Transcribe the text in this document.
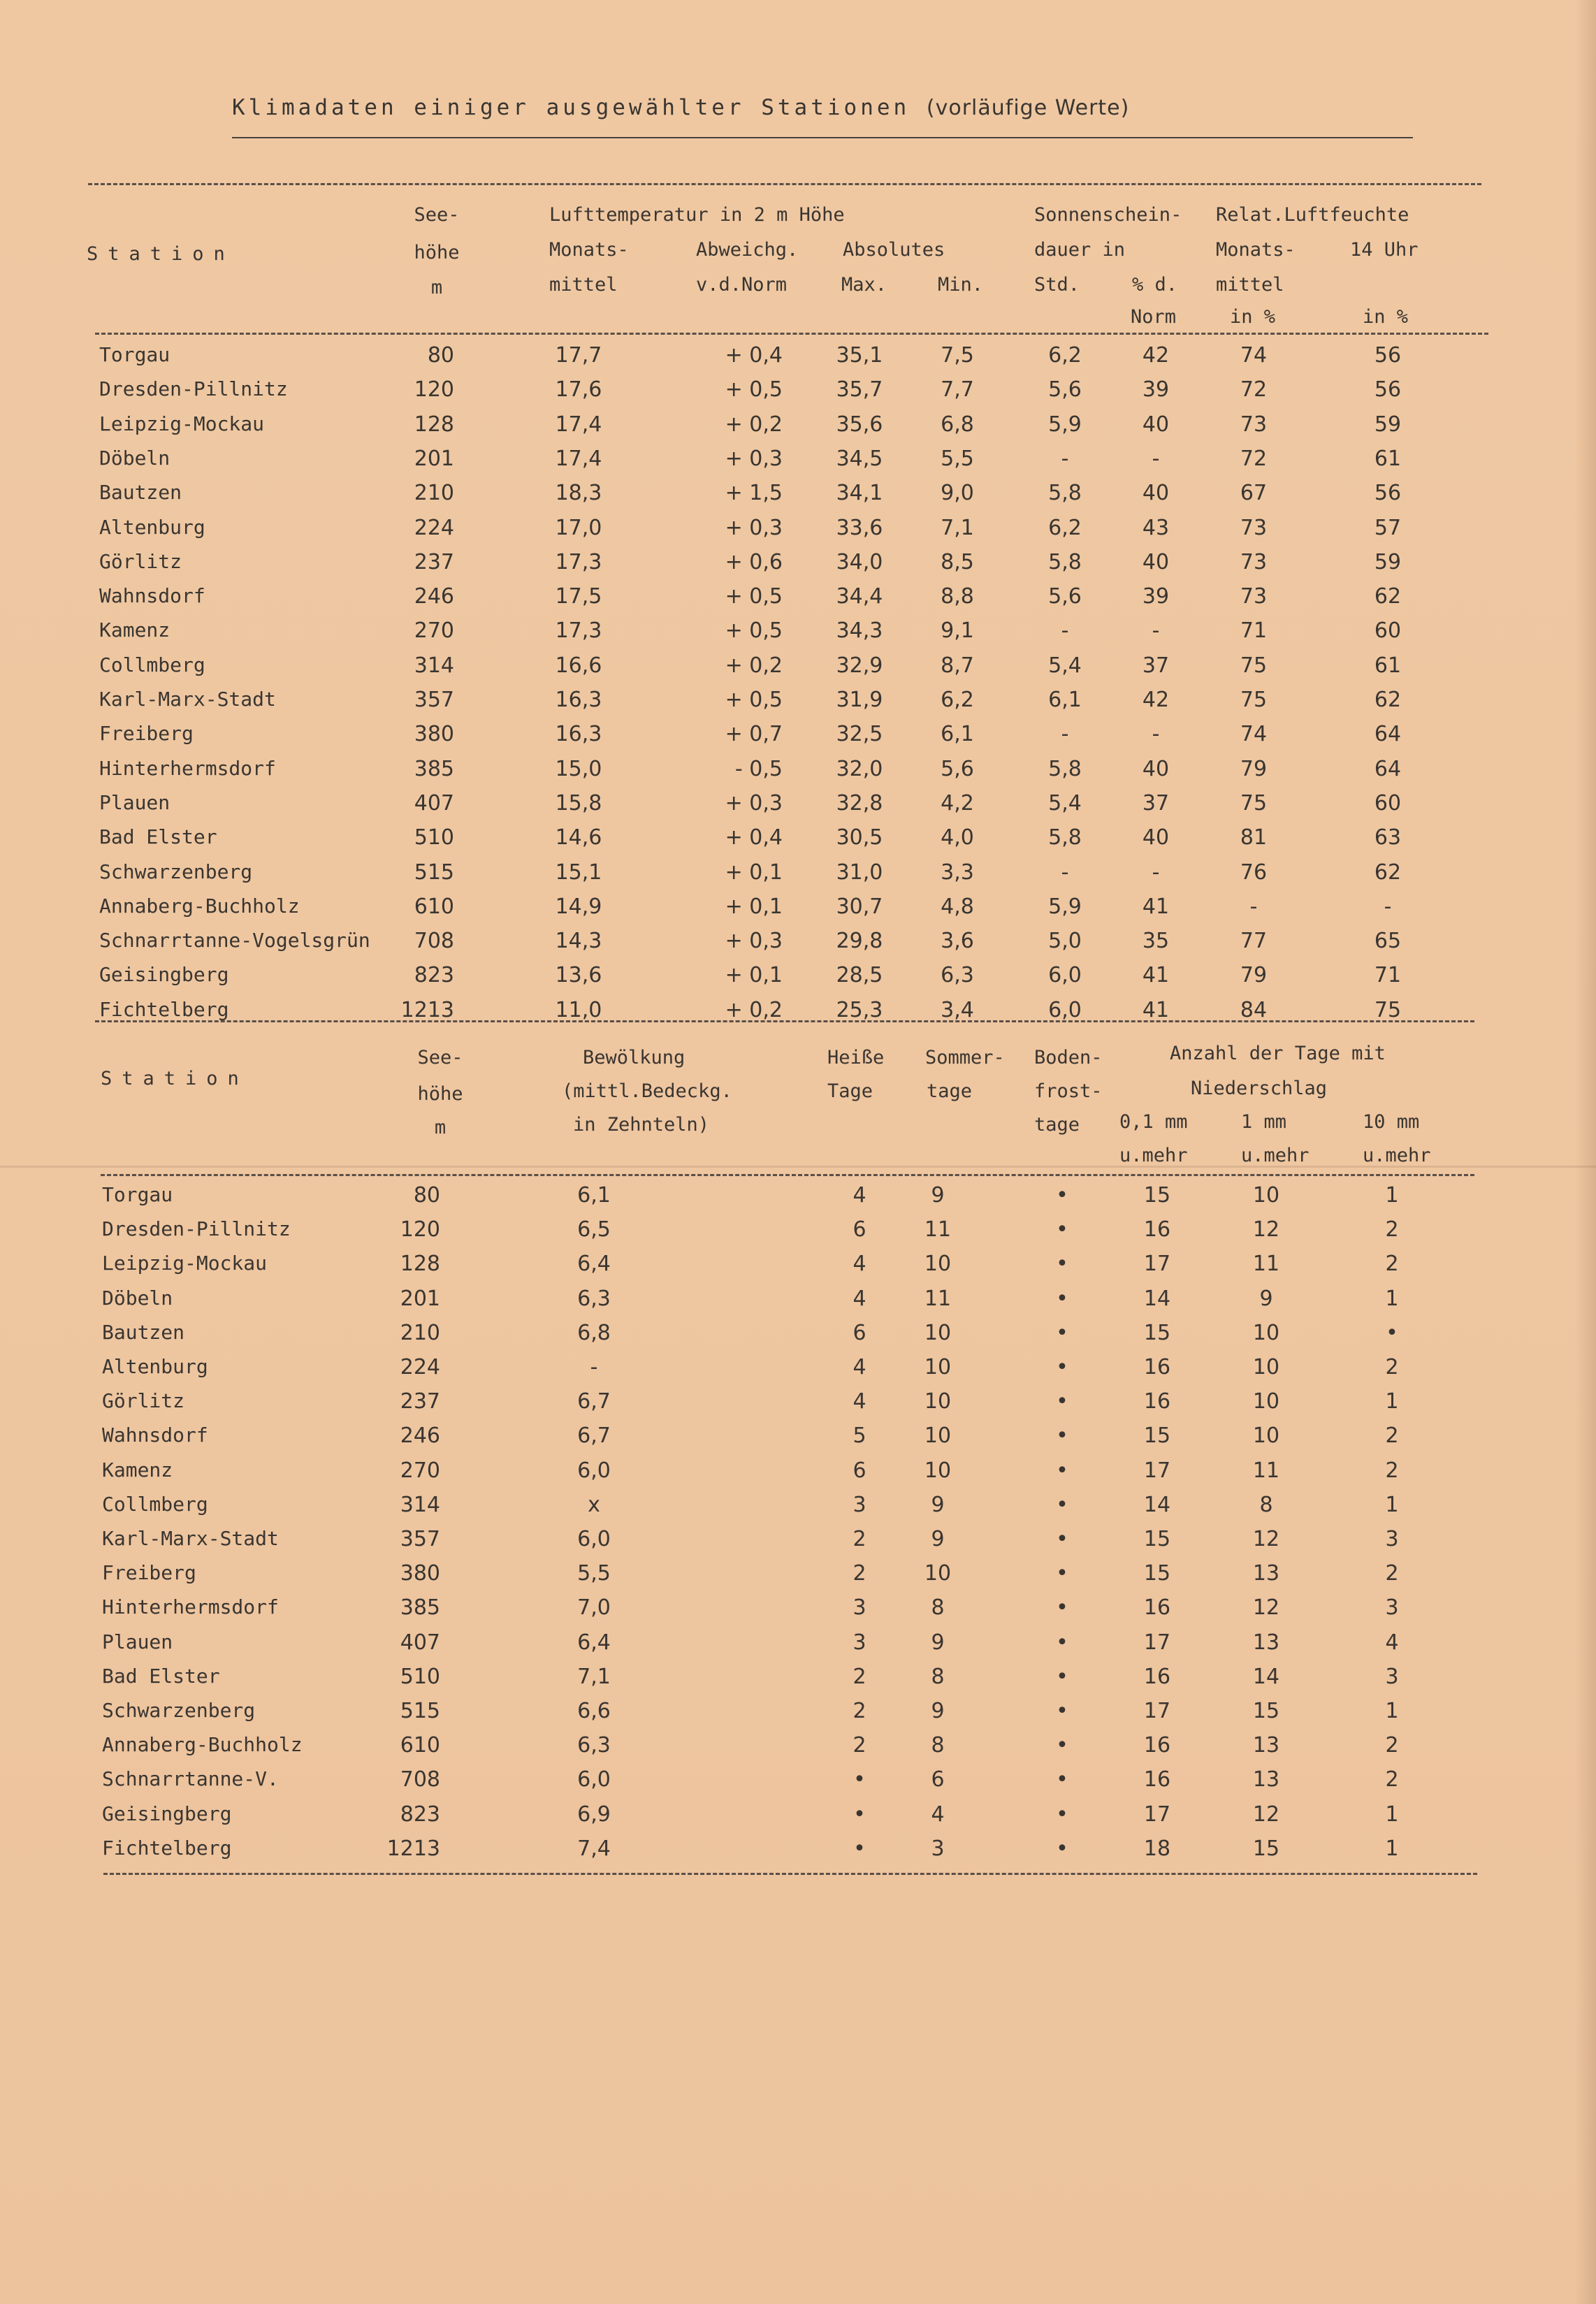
Klimadaten einiger ausgewählter Stationen (vorläufige Werte)
Station
See-
höhe
m
Lufttemperatur in 2 m Höhe
Monats-
mittel
Abweichg.
v.d.Norm
Absolutes
Max.	Min.
Sonnenschein-
dauer in
Std.	% d.
Norm
Relat.Luftfeuchte
Monats-
mittel
in %
14 Uhr
in %
Torgau	80	17,7	+ 0,4	35,1	7,5	6,2	42	74	56
Dresden-Pillnitz	120	17,6	+ 0,5	35,7	7,7	5,6	39	72	56
Leipzig-Mockau	128	17,4	+ 0,2	35,6	6,8	5,9	40	73	59
Döbeln	201	17,4	+ 0,3	34,5	5,5	-	-	72	61
Bautzen	210	18,3	+ 1,5	34,1	9,0	5,8	40	67	56
Altenburg	224	17,0	+ 0,3	33,6	7,1	6,2	43	73	57
Görlitz	237	17,3	+ 0,6	34,0	8,5	5,8	40	73	59
Wahnsdorf	246	17,5	+ 0,5	34,4	8,8	5,6	39	73	62
Kamenz	270	17,3	+ 0,5	34,3	9,1	-	-	71	60
Collmberg	314	16,6	+ 0,2	32,9	8,7	5,4	37	75	61
Karl-Marx-Stadt	357	16,3	+ 0,5	31,9	6,2	6,1	42	75	62
Freiberg	380	16,3	+ 0,7	32,5	6,1	-	-	74	64
Hinterhermsdorf	385	15,0	- 0,5	32,0	5,6	5,8	40	79	64
Plauen	407	15,8	+ 0,3	32,8	4,2	5,4	37	75	60
Bad Elster	510	14,6	+ 0,4	30,5	4,0	5,8	40	81	63
Schwarzenberg	515	15,1	+ 0,1	31,0	3,3	-	-	76	62
Annaberg-Buchholz	610	14,9	+ 0,1	30,7	4,8	5,9	41	-	-
Schnarrtanne-Vogelsgrün	708	14,3	+ 0,3	29,8	3,6	5,0	35	77	65
Geisingberg	823	13,6	+ 0,1	28,5	6,3	6,0	41	79	71
Fichtelberg	1213	11,0	+ 0,2	25,3	3,4	6,0	41	84	75
Station
See-
höhe
m
Bewölkung
(mittl.Bedeckg.
in Zehnteln)
Heiße
Tage
Sommer-
tage
Boden-
frost-
tage
Anzahl der Tage mit
Niederschlag
0,1 mm
u.mehr
1 mm
u.mehr
10 mm
u.mehr
Torgau	80	6,1	4	9	•	15	10	1
Dresden-Pillnitz	120	6,5	6	11	•	16	12	2
Leipzig-Mockau	128	6,4	4	10	•	17	11	2
Döbeln	201	6,3	4	11	•	14	9	1
Bautzen	210	6,8	6	10	•	15	10	•
Altenburg	224	-	4	10	•	16	10	2
Görlitz	237	6,7	4	10	•	16	10	1
Wahnsdorf	246	6,7	5	10	•	15	10	2
Kamenz	270	6,0	6	10	•	17	11	2
Collmberg	314	x	3	9	•	14	8	1
Karl-Marx-Stadt	357	6,0	2	9	•	15	12	3
Freiberg	380	5,5	2	10	•	15	13	2
Hinterhermsdorf	385	7,0	3	8	•	16	12	3
Plauen	407	6,4	3	9	•	17	13	4
Bad Elster	510	7,1	2	8	•	16	14	3
Schwarzenberg	515	6,6	2	9	•	17	15	1
Annaberg-Buchholz	610	6,3	2	8	•	16	13	2
Schnarrtanne-V.	708	6,0	•	6	•	16	13	2
Geisingberg	823	6,9	•	4	•	17	12	1
Fichtelberg	1213	7,4	•	3	•	18	15	1
